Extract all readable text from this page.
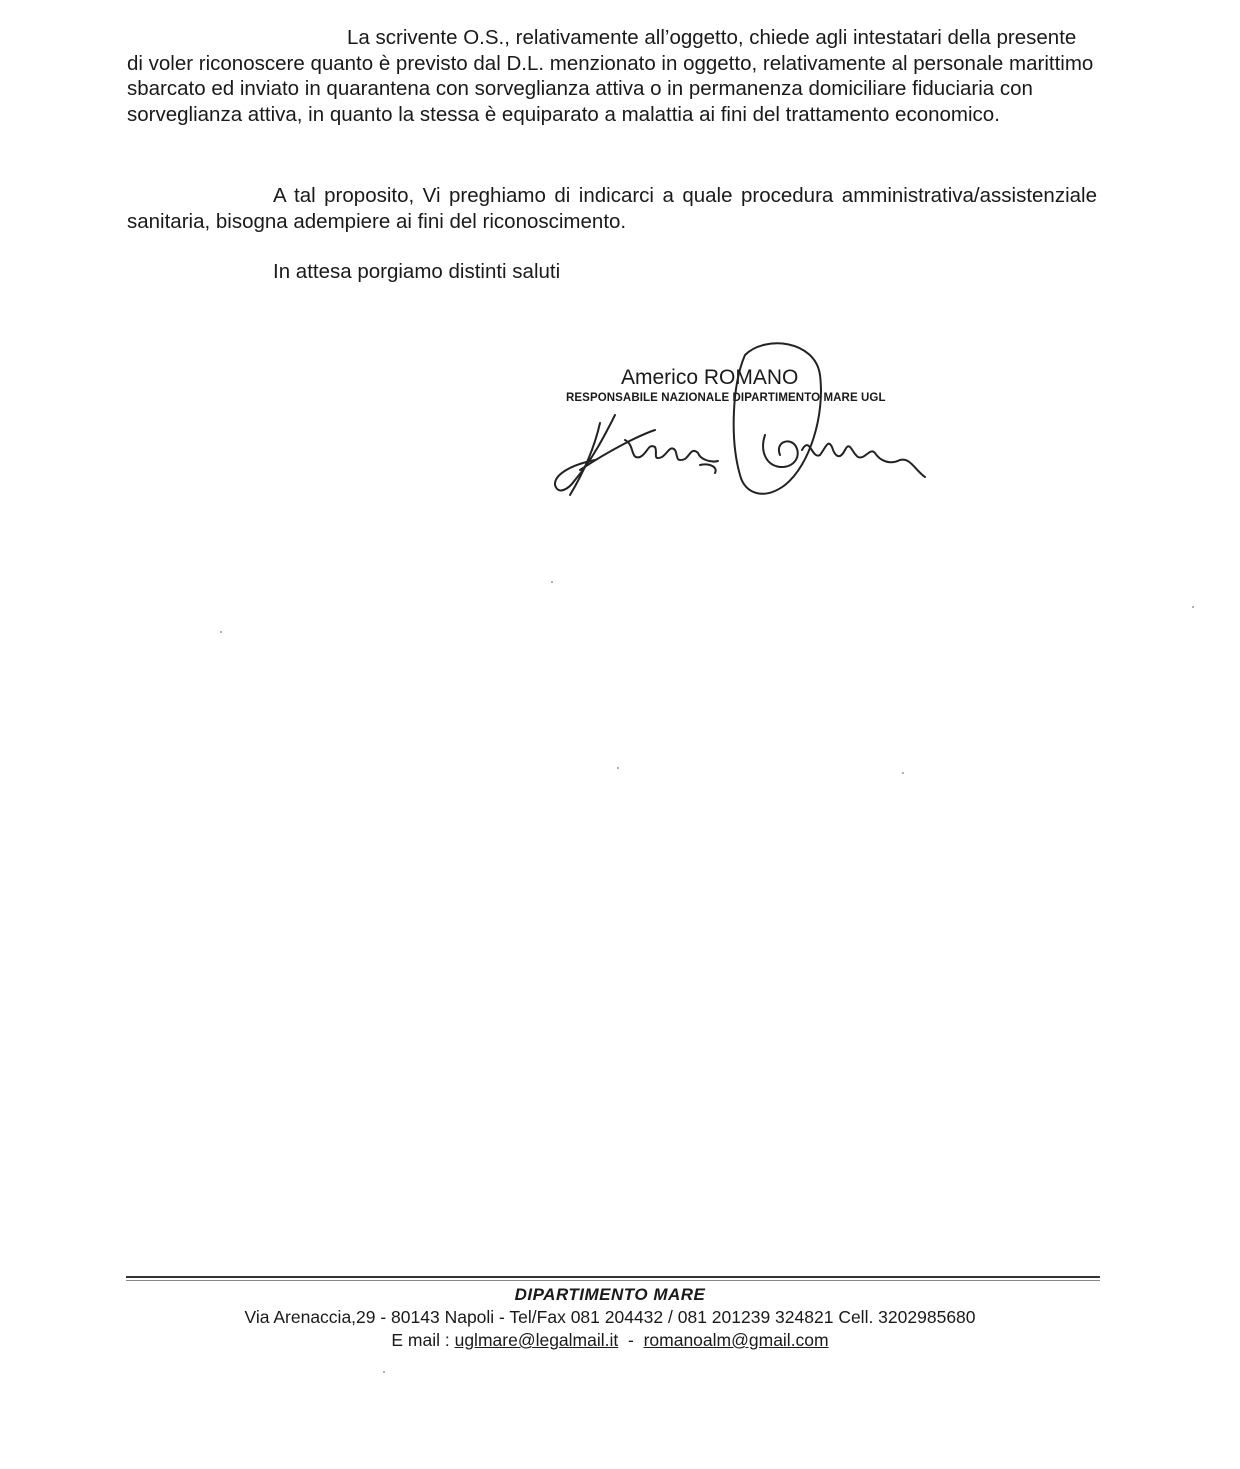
La scrivente O.S., relativamente all’oggetto, chiede agli intestatari della presente di voler riconoscere quanto è previsto dal D.L. menzionato in oggetto, relativamente al personale marittimo sbarcato ed inviato in quarantena con sorveglianza attiva o in permanenza domiciliare fiduciaria con sorveglianza attiva, in quanto la stessa è equiparato a malattia ai fini del trattamento economico.

A tal proposito, Vi preghiamo di indicarci a quale procedura amministrativa/assistenziale sanitaria, bisogna adempiere ai fini del riconoscimento.

In attesa porgiamo distinti saluti

Americo ROMANO
RESPONSABILE NAZIONALE DIPARTIMENTO MARE UGL
DIPARTIMENTO MARE
Via Arenaccia,29 - 80143 Napoli - Tel/Fax 081 204432 / 081 201239 324821 Cell. 3202985680
E mail : uglmare@legalmail.it  -  romanoalm@gmail.com
